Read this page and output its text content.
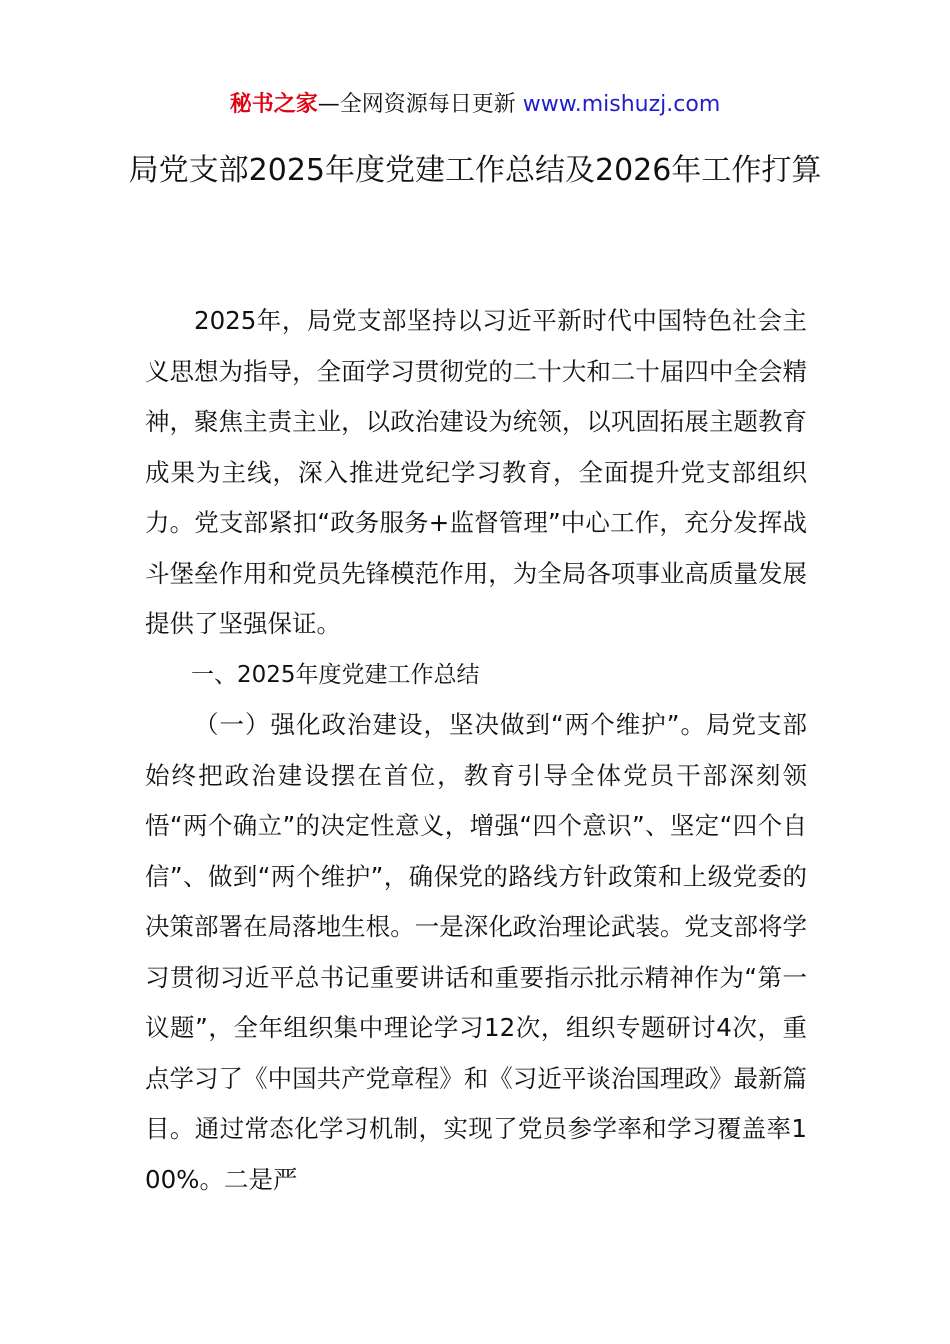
秘书之家—全网资源每日更新 www.mishuzj.com
局党支部2025年度党建工作总结及2026年工作打算

2025年，局党支部坚持以习近平新时代中国特色社会主义思想为指导，全面学习贯彻党的二十大和二十届四中全会精神，聚焦主责主业，以政治建设为统领，以巩固拓展主题教育成果为主线，深入推进党纪学习教育，全面提升党支部组织力。党支部紧扣“政务服务+监督管理”中心工作，充分发挥战斗堡垒作用和党员先锋模范作用，为全局各项事业高质量发展提供了坚强保证。

一、2025年度党建工作总结

（一）强化政治建设，坚决做到“两个维护”。局党支部始终把政治建设摆在首位，教育引导全体党员干部深刻领悟“两个确立”的决定性意义，增强“四个意识”、坚定“四个自信”、做到“两个维护”，确保党的路线方针政策和上级党委的决策部署在局落地生根。一是深化政治理论武装。党支部将学习贯彻习近平总书记重要讲话和重要指示批示精神作为“第一议题”，全年组织集中理论学习12次，组织专题研讨4次，重点学习了《中国共产党章程》和《习近平谈治国理政》最新篇目。通过常态化学习机制，实现了党员参学率和学习覆盖率100%。二是严
